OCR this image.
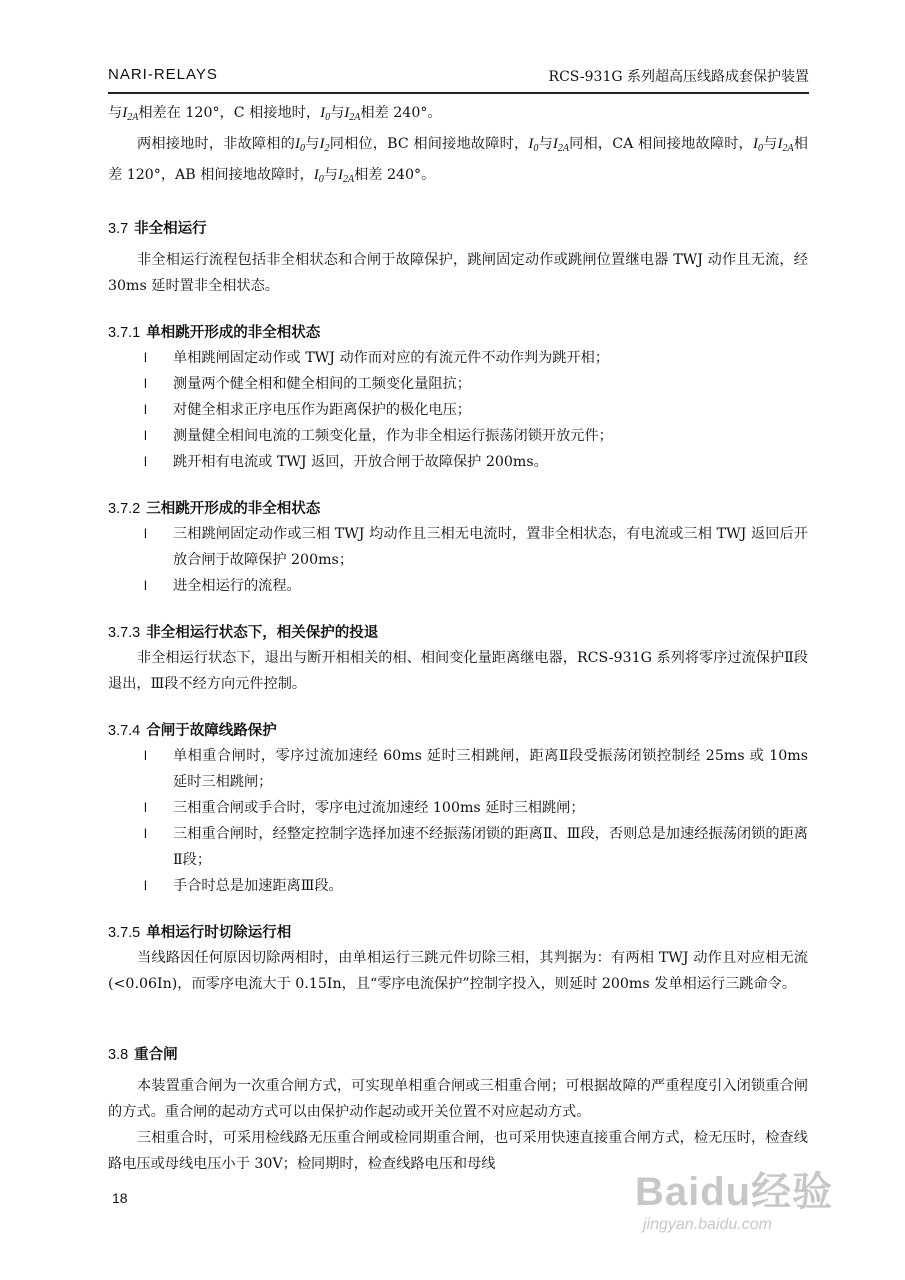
NARI-RELAYS	RCS-931G 系列超高压线路成套保护装置

与$I_{2A}$相差在 120°，C 相接地时，$I_0$与$I_{2A}$相差 240°。

两相接地时，非故障相的$I_0$与$I_2$同相位，BC 相间接地故障时，$I_0$与$I_{2A}$同相，CA 相间接地故障时，$I_0$与$I_{2A}$相差 120°，AB 相间接地故障时，$I_0$与$I_{2A}$相差 240°。

3.7 非全相运行

非全相运行流程包括非全相状态和合闸于故障保护，跳闸固定动作或跳闸位置继电器 TWJ 动作且无流，经 30ms 延时置非全相状态。

3.7.1 单相跳开形成的非全相状态
l 单相跳闸固定动作或 TWJ 动作而对应的有流元件不动作判为跳开相；
l 测量两个健全相和健全相间的工频变化量阻抗；
l 对健全相求正序电压作为距离保护的极化电压；
l 测量健全相间电流的工频变化量，作为非全相运行振荡闭锁开放元件；
l 跳开相有电流或 TWJ 返回，开放合闸于故障保护 200ms。
3.7.2 三相跳开形成的非全相状态
l 三相跳闸固定动作或三相 TWJ 均动作且三相无电流时，置非全相状态，有电流或三相 TWJ 返回后开放合闸于故障保护 200ms；
l 进全相运行的流程。
3.7.3 非全相运行状态下，相关保护的投退

非全相运行状态下，退出与断开相相关的相、相间变化量距离继电器，RCS-931G 系列将零序过流保护Ⅱ段退出，Ⅲ段不经方向元件控制。

3.7.4 合闸于故障线路保护
l 单相重合闸时，零序过流加速经 60ms 延时三相跳闸，距离Ⅱ段受振荡闭锁控制经 25ms 或 10ms 延时三相跳闸；
l 三相重合闸或手合时，零序电过流加速经 100ms 延时三相跳闸；
l 三相重合闸时，经整定控制字选择加速不经振荡闭锁的距离Ⅱ、Ⅲ段，否则总是加速经振荡闭锁的距离Ⅱ段；
l 手合时总是加速距离Ⅲ段。
3.7.5 单相运行时切除运行相

当线路因任何原因切除两相时，由单相运行三跳元件切除三相，其判据为：有两相 TWJ 动作且对应相无流(<0.06In)，而零序电流大于 0.15In，且“零序电流保护”控制字投入，则延时 200ms 发单相运行三跳命令。

3.8 重合闸

本装置重合闸为一次重合闸方式，可实现单相重合闸或三相重合闸；可根据故障的严重程度引入闭锁重合闸的方式。重合闸的起动方式可以由保护动作起动或开关位置不对应起动方式。

三相重合时，可采用检线路无压重合闸或检同期重合闸，也可采用快速直接重合闸方式，检无压时，检查线路电压或母线电压小于 30V；检同期时，检查线路电压和母线

18	Baidu经验
jingyan.baidu.com
